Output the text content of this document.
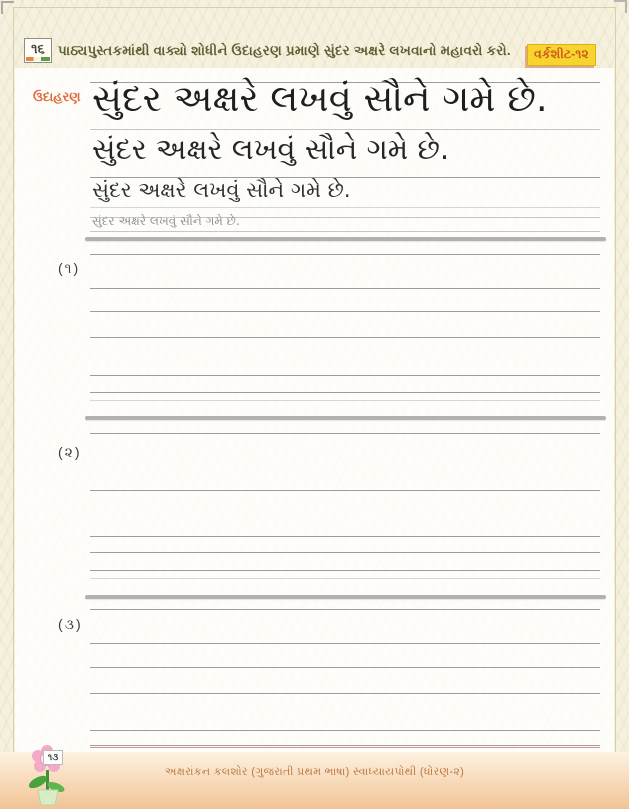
૧૬ પાઠ્યપુસ્તકમાંથી વાક્યો શોધીને ઉદાહરણ પ્રમાણે સુંદર અક્ષરે લખવાનો મહાવરો કરો.	વર્કશીટ-૧૨
ઉદાહરણ સુંદર અક્ષરે લખવું સૌને ગમે છે.
સુંદર અક્ષરે લખવું સૌને ગમે છે.
સુંદર અક્ષરે લખવું સૌને ગમે છે.
સુંદર અક્ષરે લખવું સૌને ગમે છે.
(૧)
(૨)
(૩)
અક્ષરાંકન કલશોર (ગુજરાતી પ્રથમ ભાષા) સ્વાધ્યાયપોથી (ધોરણ-૨)
૧૩
